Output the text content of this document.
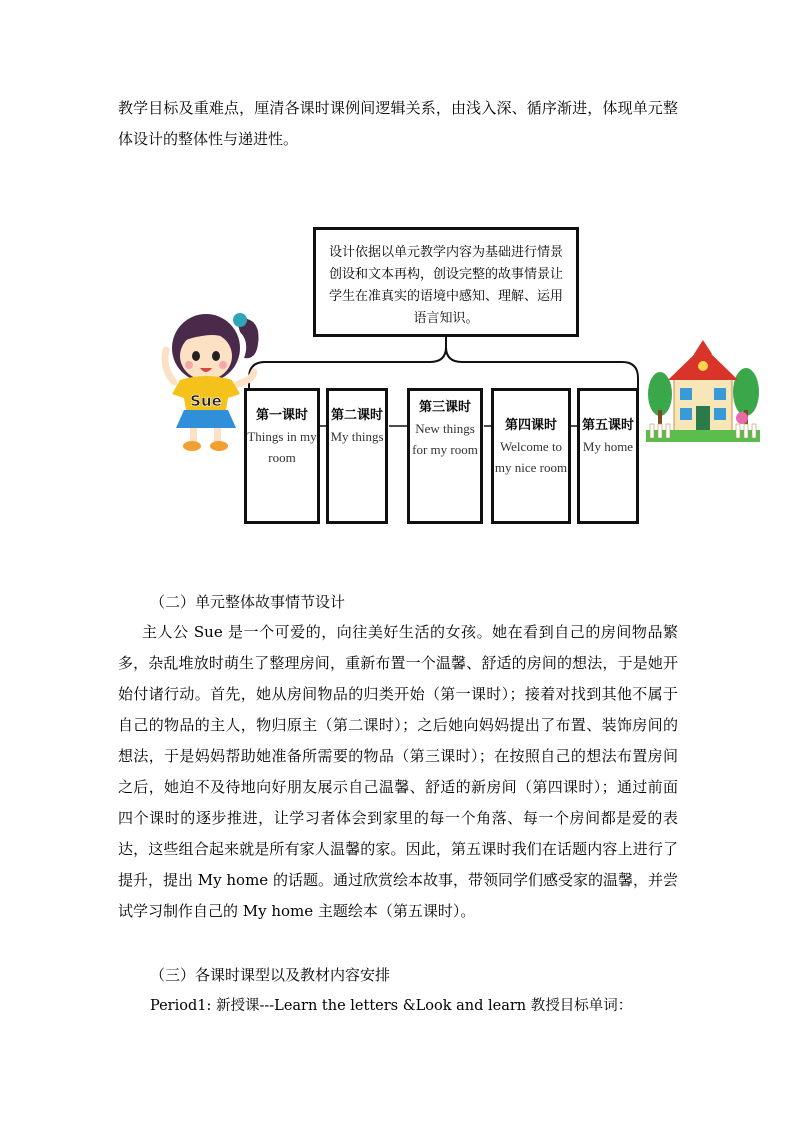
教学目标及重难点，厘清各课时课例间逻辑关系，由浅入深、循序渐进，体现单元整体设计的整体性与递进性。

设计依据以单元教学内容为基础进行情景创设和文本再构，创设完整的故事情景让学生在准真实的语境中感知、理解、运用语言知识。
第一课时
Things in my room
第二课时
My things
第三课时
New things for my room
第四课时
Welcome to my nice room
第五课时
My home
Sue

（二）单元整体故事情节设计

主人公 Sue 是一个可爱的，向往美好生活的女孩。她在看到自己的房间物品繁多，杂乱堆放时萌生了整理房间，重新布置一个温馨、舒适的房间的想法，于是她开始付诸行动。首先，她从房间物品的归类开始（第一课时）；接着对找到其他不属于自己的物品的主人，物归原主（第二课时）；之后她向妈妈提出了布置、装饰房间的想法，于是妈妈帮助她准备所需要的物品（第三课时）；在按照自己的想法布置房间之后，她迫不及待地向好朋友展示自己温馨、舒适的新房间（第四课时）；通过前面四个课时的逐步推进，让学习者体会到家里的每一个角落、每一个房间都是爱的表达，这些组合起来就是所有家人温馨的家。因此，第五课时我们在话题内容上进行了提升，提出 My home 的话题。通过欣赏绘本故事，带领同学们感受家的温馨，并尝试学习制作自己的 My home 主题绘本（第五课时）。

（三）各课时课型以及教材内容安排

Period1: 新授课---Learn the letters &Look and learn 教授目标单词：
